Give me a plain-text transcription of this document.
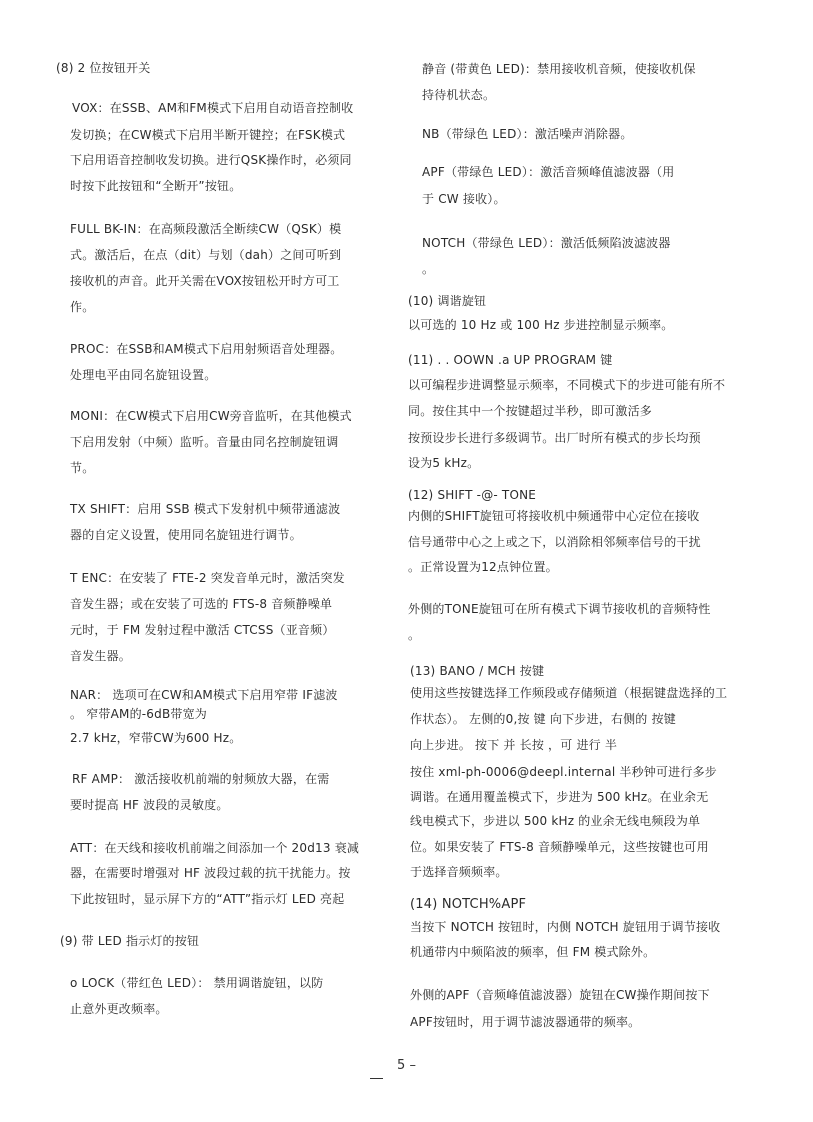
(8) 2 位按钮开关
VOX：在SSB、AM和FM模式下启用自动语音控制收
发切换；在CW模式下启用半断开键控；在FSK模式
下启用语音控制收发切换。进行QSK操作时，必须同
时按下此按钮和“全断开”按钮。
FULL BK-IN：在高频段激活全断续CW（QSK）模
式。激活后，在点（dit）与划（dah）之间可听到
接收机的声音。此开关需在VOX按钮松开时方可工
作。
PROC：在SSB和AM模式下启用射频语音处理器。
处理电平由同名旋钮设置。
MONI：在CW模式下启用CW旁音监听，在其他模式
下启用发射（中频）监听。音量由同名控制旋钮调
节。
TX SHIFT：启用 SSB 模式下发射机中频带通滤波
器的自定义设置，使用同名旋钮进行调节。
T ENC：在安装了 FTE-2 突发音单元时，激活突发
音发生器；或在安装了可选的 FTS-8 音频静噪单
元时，于 FM 发射过程中激活 CTCSS（亚音频）
音发生器。
NAR： 选项可在CW和AM模式下启用窄带 IF滤波
。 窄带AM的-6dB带宽为
2.7 kHz，窄带CW为600 Hz。
RF AMP： 激活接收机前端的射频放大器，在需
要时提高 HF 波段的灵敏度。
ATT：在天线和接收机前端之间添加一个 20d13 衰减
器，在需要时增强对 HF 波段过载的抗干扰能力。按
下此按钮时，显示屏下方的“ATT”指示灯 LED 亮起
(9) 带 LED 指示灯的按钮
o LOCK（带红色 LED）： 禁用调谐旋钮，以防
止意外更改频率。
静音 (带黄色 LED)：禁用接收机音频，使接收机保
持待机状态。
NB（带绿色 LED）：激活噪声消除器。
APF（带绿色 LED）：激活音频峰值滤波器（用
于 CW 接收）。
NOTCH（带绿色 LED）：激活低频陷波滤波器
。
(10) 调谐旋钮
以可选的 10 Hz 或 100 Hz 步进控制显示频率。
(11) . . OOWN .a UP PROGRAM 键
以可编程步进调整显示频率，不同模式下的步进可能有所不
同。按住其中一个按键超过半秒，即可激活多
按预设步长进行多级调节。出厂时所有模式的步长均预
设为5 kHz。
(12) SHIFT -@- TONE
内侧的SHIFT旋钮可将接收机中频通带中心定位在接收
信号通带中心之上或之下，以消除相邻频率信号的干扰
。正常设置为12点钟位置。
外侧的TONE旋钮可在所有模式下调节接收机的音频特性
。
(13) BANO / MCH 按键
使用这些按键选择工作频段或存储频道（根据键盘选择的工
作状态）。 左侧的0,按 键 向下步进，右侧的 按键
向上步进。 按下 并 长按 ，可 进行 半
按住 xml-ph-0006@deepl.internal 半秒钟可进行多步
调谐。在通用覆盖模式下，步进为 500 kHz。在业余无
线电模式下，步进以 500 kHz 的业余无线电频段为单
位。如果安装了 FTS-8 音频静噪单元，这些按键也可用
于选择音频频率。
(14) NOTCH%APF
当按下 NOTCH 按钮时，内侧 NOTCH 旋钮用于调节接收
机通带内中频陷波的频率，但 FM 模式除外。
外侧的APF（音频峰值滤波器）旋钮在CW操作期间按下
APF按钮时，用于调节滤波器通带的频率。
5 –
